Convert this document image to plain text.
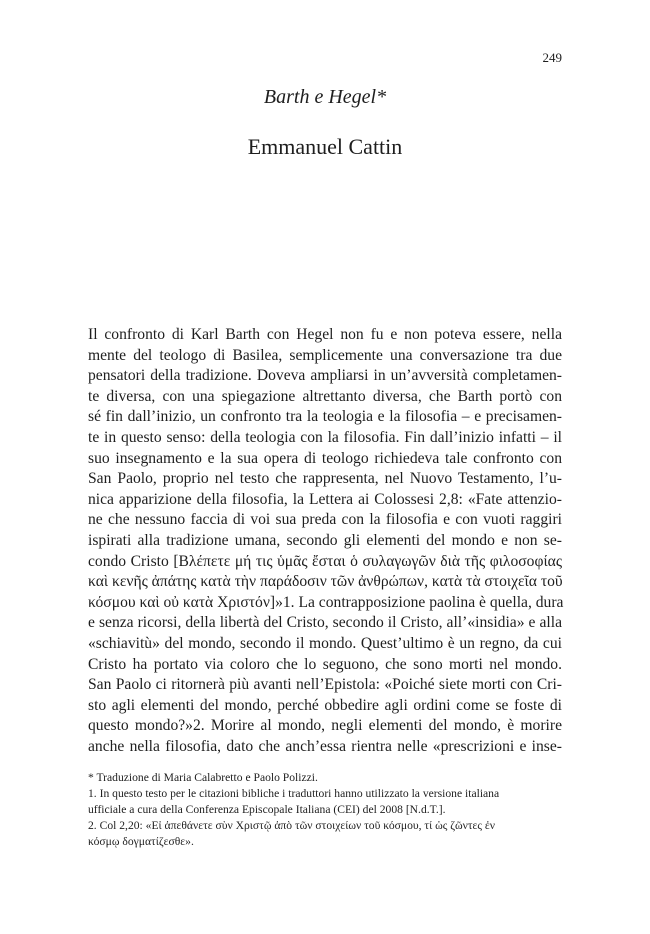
249
Barth e Hegel*
Emmanuel Cattin
Il confronto di Karl Barth con Hegel non fu e non poteva essere, nella
mente del teologo di Basilea, semplicemente una conversazione tra due
pensatori della tradizione. Doveva ampliarsi in un’avversità completamen-
te diversa, con una spiegazione altrettanto diversa, che Barth portò con
sé fin dall’inizio, un confronto tra la teologia e la filosofia – e precisamen-
te in questo senso: della teologia con la filosofia. Fin dall’inizio infatti – il
suo insegnamento e la sua opera di teologo richiedeva tale confronto con
San Paolo, proprio nel testo che rappresenta, nel Nuovo Testamento, l’u-
nica apparizione della filosofia, la Lettera ai Colossesi 2,8: «Fate attenzio-
ne che nessuno faccia di voi sua preda con la filosofia e con vuoti raggiri
ispirati alla tradizione umana, secondo gli elementi del mondo e non se-
condo Cristo [Βλέπετε μή τις ὑμᾶς ἔσται ὁ συλαγωγῶν διὰ τῆς φιλοσοφίας
καὶ κενῆς ἀπάτης κατὰ τὴν παράδοσιν τῶν ἀνθρώπων, κατὰ τὰ στοιχεῖα τοῦ
κόσμου καὶ οὐ κατὰ Χριστόν]»1. La contrapposizione paolina è quella, dura
e senza ricorsi, della libertà del Cristo, secondo il Cristo, all’«insidia» e alla
«schiavitù» del mondo, secondo il mondo. Quest’ultimo è un regno, da cui
Cristo ha portato via coloro che lo seguono, che sono morti nel mondo.
San Paolo ci ritornerà più avanti nell’Epistola: «Poiché siete morti con Cri-
sto agli elementi del mondo, perché obbedire agli ordini come se foste di
questo mondo?»2. Morire al mondo, negli elementi del mondo, è morire
anche nella filosofia, dato che anch’essa rientra nelle «prescrizioni e inse-
* Traduzione di Maria Calabretto e Paolo Polizzi.
1. In questo testo per le citazioni bibliche i traduttori hanno utilizzato la versione italiana
ufficiale a cura della Conferenza Episcopale Italiana (CEI) del 2008 [N.d.T.].
2. Col 2,20: «Εἰ ἀπεθάνετε σὺν Χριστῷ ἀπὸ τῶν στοιχείων τοῦ κόσμου, τί ὡς ζῶντες ἐν
κόσμῳ δογματίζεσθε».
